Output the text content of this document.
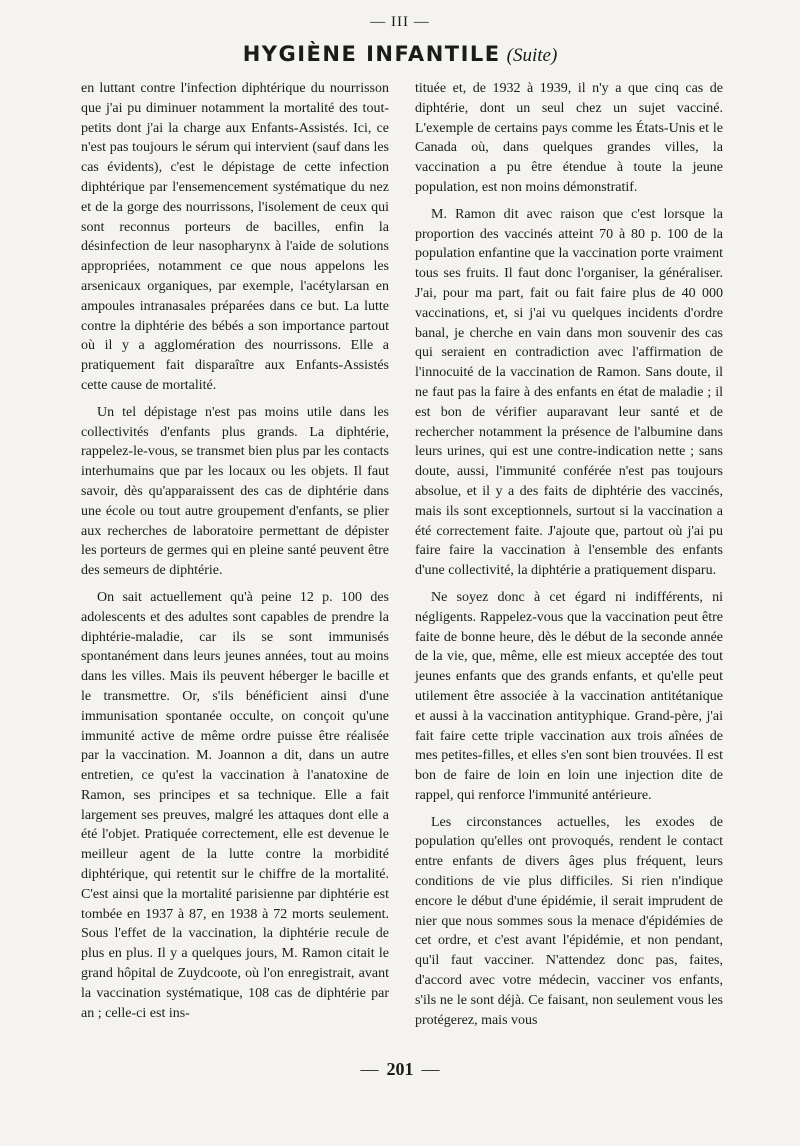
— III —
HYGIÈNE INFANTILE (Suite)

en luttant contre l'infection diphtérique du nourrisson que j'ai pu diminuer notamment la mortalité des tout-petits dont j'ai la charge aux Enfants-Assistés. Ici, ce n'est pas toujours le sérum qui intervient (sauf dans les cas évidents), c'est le dépistage de cette infection diphtérique par l'ensemencement systématique du nez et de la gorge des nourrissons, l'isolement de ceux qui sont reconnus porteurs de bacilles, enfin la désinfection de leur nasopharynx à l'aide de solutions appropriées, notamment ce que nous appelons les arsenicaux organiques, par exemple, l'acétylarsan en ampoules intranasales préparées dans ce but. La lutte contre la diphtérie des bébés a son importance partout où il y a agglomération des nourrissons. Elle a pratiquement fait disparaître aux Enfants-Assistés cette cause de mortalité.

Un tel dépistage n'est pas moins utile dans les collectivités d'enfants plus grands. La diphtérie, rappelez-le-vous, se transmet bien plus par les contacts interhumains que par les locaux ou les objets. Il faut savoir, dès qu'apparaissent des cas de diphtérie dans une école ou tout autre groupement d'enfants, se plier aux recherches de laboratoire permettant de dépister les porteurs de germes qui en pleine santé peuvent être des semeurs de diphtérie.

On sait actuellement qu'à peine 12 p. 100 des adolescents et des adultes sont capables de prendre la diphtérie-maladie, car ils se sont immunisés spontanément dans leurs jeunes années, tout au moins dans les villes. Mais ils peuvent héberger le bacille et le transmettre. Or, s'ils bénéficient ainsi d'une immunisation spontanée occulte, on conçoit qu'une immunité active de même ordre puisse être réalisée par la vaccination. M. Joannon a dit, dans un autre entretien, ce qu'est la vaccination à l'anatoxine de Ramon, ses principes et sa technique. Elle a fait largement ses preuves, malgré les attaques dont elle a été l'objet. Pratiquée correctement, elle est devenue le meilleur agent de la lutte contre la morbidité diphtérique, qui retentit sur le chiffre de la mortalité. C'est ainsi que la mortalité parisienne par diphtérie est tombée en 1937 à 87, en 1938 à 72 morts seulement. Sous l'effet de la vaccination, la diphtérie recule de plus en plus. Il y a quelques jours, M. Ramon citait le grand hôpital de Zuydcoote, où l'on enregistrait, avant la vaccination systématique, 108 cas de diphtérie par an ; celle-ci est ins-

tituée et, de 1932 à 1939, il n'y a que cinq cas de diphtérie, dont un seul chez un sujet vacciné. L'exemple de certains pays comme les États-Unis et le Canada où, dans quelques grandes villes, la vaccination a pu être étendue à toute la jeune population, est non moins démonstratif.

M. Ramon dit avec raison que c'est lorsque la proportion des vaccinés atteint 70 à 80 p. 100 de la population enfantine que la vaccination porte vraiment tous ses fruits. Il faut donc l'organiser, la généraliser. J'ai, pour ma part, fait ou fait faire plus de 40 000 vaccinations, et, si j'ai vu quelques incidents d'ordre banal, je cherche en vain dans mon souvenir des cas qui seraient en contradiction avec l'affirmation de l'innocuité de la vaccination de Ramon. Sans doute, il ne faut pas la faire à des enfants en état de maladie ; il est bon de vérifier auparavant leur santé et de rechercher notamment la présence de l'albumine dans leurs urines, qui est une contre-indication nette ; sans doute, aussi, l'immunité conférée n'est pas toujours absolue, et il y a des faits de diphtérie des vaccinés, mais ils sont exceptionnels, surtout si la vaccination a été correctement faite. J'ajoute que, partout où j'ai pu faire faire la vaccination à l'ensemble des enfants d'une collectivité, la diphtérie a pratiquement disparu.

Ne soyez donc à cet égard ni indifférents, ni négligents. Rappelez-vous que la vaccination peut être faite de bonne heure, dès le début de la seconde année de la vie, que, même, elle est mieux acceptée des tout jeunes enfants que des grands enfants, et qu'elle peut utilement être associée à la vaccination antitétanique et aussi à la vaccination antityphique. Grand-père, j'ai fait faire cette triple vaccination aux trois aînées de mes petites-filles, et elles s'en sont bien trouvées. Il est bon de faire de loin en loin une injection dite de rappel, qui renforce l'immunité antérieure.

Les circonstances actuelles, les exodes de population qu'elles ont provoqués, rendent le contact entre enfants de divers âges plus fréquent, leurs conditions de vie plus difficiles. Si rien n'indique encore le début d'une épidémie, il serait imprudent de nier que nous sommes sous la menace d'épidémies de cet ordre, et c'est avant l'épidémie, et non pendant, qu'il faut vacciner. N'attendez donc pas, faites, d'accord avec votre médecin, vacciner vos enfants, s'ils ne le sont déjà. Ce faisant, non seulement vous les protégerez, mais vous

— 201 —
